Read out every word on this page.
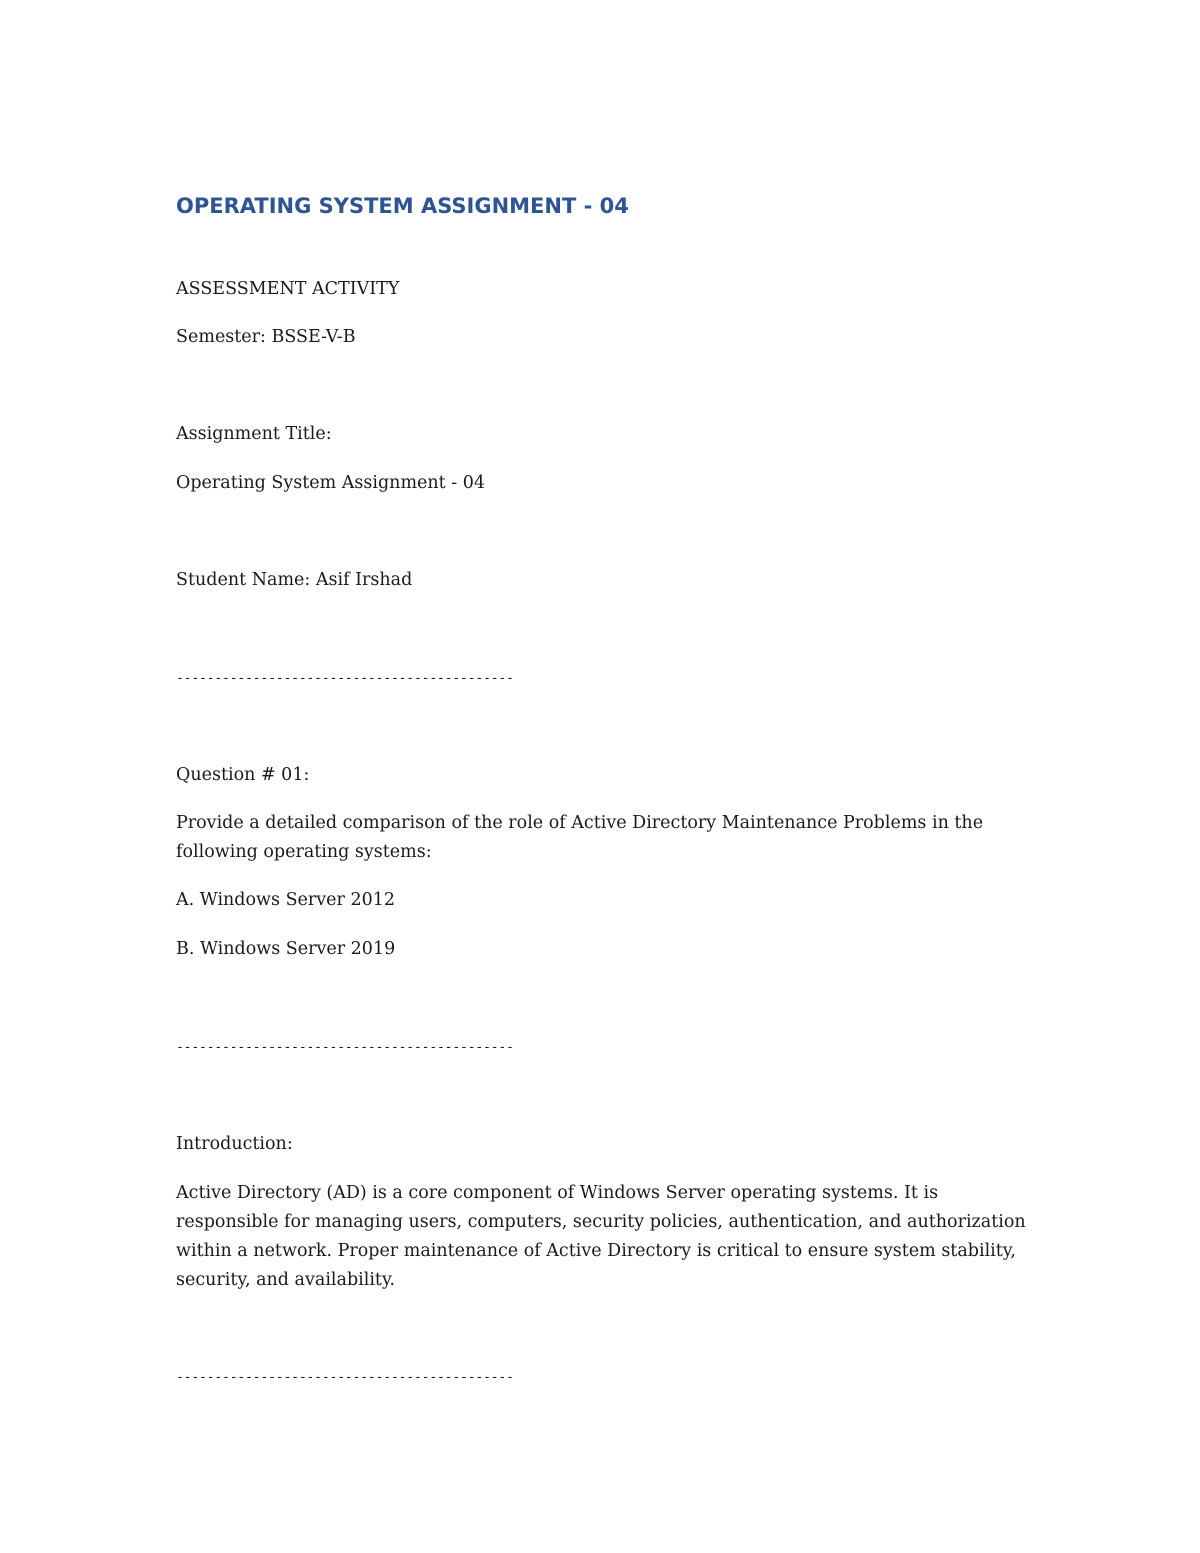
OPERATING SYSTEM ASSIGNMENT - 04

ASSESSMENT ACTIVITY

Semester: BSSE-V-B

Assignment Title:

Operating System Assignment - 04

Student Name: Asif Irshad

--------------------------------------------

Question # 01:

Provide a detailed comparison of the role of Active Directory Maintenance Problems in the

following operating systems:

A. Windows Server 2012

B. Windows Server 2019

--------------------------------------------

Introduction:

Active Directory (AD) is a core component of Windows Server operating systems. It is responsible for managing users, computers, security policies, authentication, and authorization within a network. Proper maintenance of Active Directory is critical to ensure system stability, security, and availability.

--------------------------------------------
